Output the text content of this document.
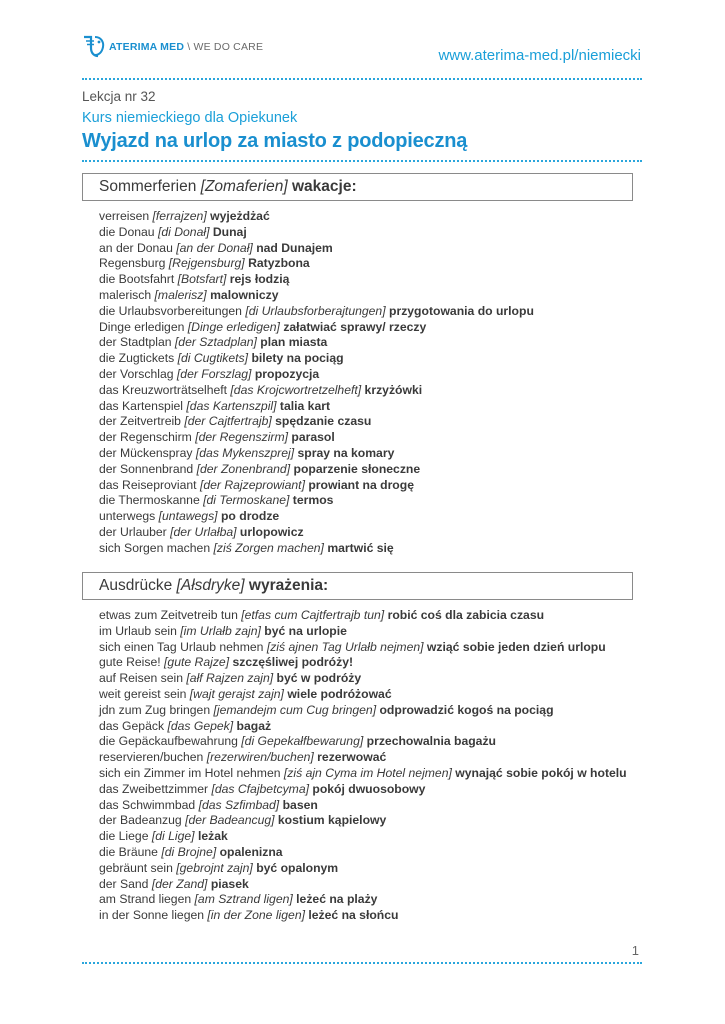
ATERIMA MED \ WE DO CARE	www.aterima-med.pl/niemiecki
Lekcja nr 32
Kurs niemieckiego dla Opiekunek
Wyjazd na urlop za miasto z podopieczną
Sommerferien [Zomaferien] wakacje:
verreisen [ferrajzen] wyjeżdżać
die Donau [di Donał] Dunaj
an der Donau [an der Donał] nad Dunajem
Regensburg [Rejgensburg] Ratyzbona
die Bootsfahrt [Botsfart] rejs łodzią
malerisch [malerisz] malowniczy
die Urlaubsvorbereitungen [di Urlaubsforberajtungen] przygotowania do urlopu
Dinge erledigen [Dinge erledigen] załatwiać sprawy/ rzeczy
der Stadtplan [der Sztadplan] plan miasta
die Zugtickets [di Cugtikets] bilety na pociąg
der Vorschlag [der Forszlag] propozycja
das Kreuzworträtselheft [das Krojcwortretzelheft] krzyżówki
das Kartenspiel [das Kartenszpil] talia kart
der Zeitvertreib [der Cajtfertrajb] spędzanie czasu
der Regenschirm [der Regenszirm] parasol
der Mückenspray [das Mykenszprej] spray na komary
der Sonnenbrand [der Zonenbrand] poparzenie słoneczne
das Reiseproviant [der Rajzeprowiant] prowiant na drogę
die Thermoskanne [di Termoskane] termos
unterwegs [untawegs] po drodze
der Urlauber [der Urlałba] urlopowicz
sich Sorgen machen [ziś Zorgen machen] martwić się
Ausdrücke [Ałsdryke] wyrażenia:
etwas zum Zeitvetreib tun [etfas cum Cajtfertrajb tun] robić coś dla zabicia czasu
im Urlaub sein [im Urlałb zajn] być na urlopie
sich einen Tag Urlaub nehmen [ziś ajnen Tag Urlałb nejmen] wziąć sobie jeden dzień urlopu
gute Reise! [gute Rajze] szczęśliwej podróży!
auf Reisen sein [ałf Rajzen zajn] być w podróży
weit gereist sein [wajt gerajst zajn] wiele podróżować
jdn zum Zug bringen [jemandejm cum Cug bringen] odprowadzić kogoś na pociąg
das Gepäck [das Gepek] bagaż
die Gepäckaufbewahrung [di Gepekałfbewarung] przechowalnia bagażu
reservieren/buchen [rezerwiren/buchen] rezerwować
sich ein Zimmer im Hotel nehmen [ziś ajn Cyma im Hotel nejmen] wynająć sobie pokój w hotelu
das Zweibettzimmer [das Cfajbetcyma] pokój dwuosobowy
das Schwimmbad [das Szfimbad] basen
der Badeanzug [der Badeancug] kostium kąpielowy
die Liege [di Lige] leżak
die Bräune [di Brojne] opalenizna
gebräunt sein [gebrojnt zajn] być opalonym
der Sand [der Zand] piasek
am Strand liegen [am Sztrand ligen] leżeć na plaży
in der Sonne liegen [in der Zone ligen] leżeć na słońcu
1
